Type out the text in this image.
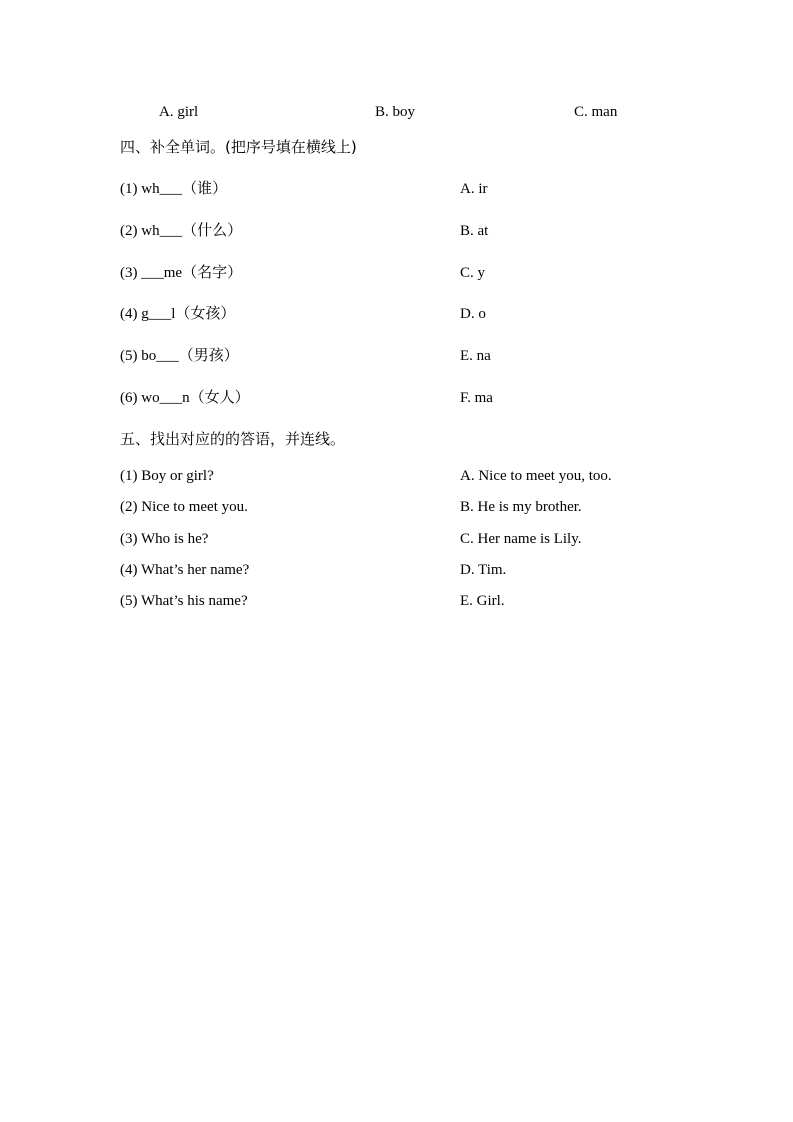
A. girl	B. boy	C. man
四、补全单词。(把序号填在横线上)
(1) wh___（谁）
(2) wh___（什么）
(3) ___me（名字）
(4) g___l（女孩）
(5) bo___（男孩）
(6) wo___n（女人）
A. ir
B. at
C. y
D. o
E. na
F. ma
五、找出对应的的答语，并连线。
(1) Boy or girl?
(2) Nice to meet you.
(3) Who is he?
(4) What’s her name?
(5) What’s his name?
A. Nice to meet you, too.
B. He is my brother.
C. Her name is Lily.
D. Tim.
E. Girl.
